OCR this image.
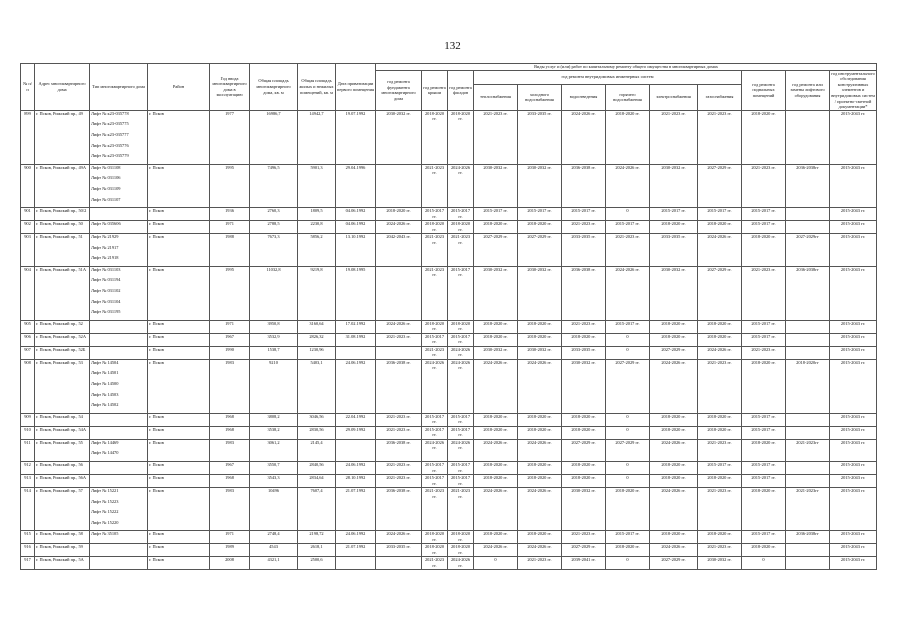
132
№ п/п	Адрес многоквартирного дома	Тип многоквартирного дома	Район	Год ввода многоквартирного дома в эксплуатацию	Общая площадь многоквартирного дома, кв. м	Общая площадь жилых и нежилых помещений, кв. м	Дата приватизации первого помещения	Виды услуг и (или) работ по капитальному ремонту общего имущества в многоквартирных домах											
								год ремонта фундамента многоквартирного дома	год ремонта крыши	год ремонта фасадов	год ремонта внутридомовых инженерных систем						год ремонта подвальных помещений	год ремонта или замены лифтового оборудования	год инструментального обследования конструктивных элементов и внутридомовых систем / проектно-сметной документации*
											теплоснабжения	холодного водоснабжения	водоотведения	горячего водоснабжения	электроснабжения	газоснабжения			
899	г. Псков, Рижский пр., 49	Лифт № к23-035778
Лифт № к23-035775
Лифт № к23-035777
Лифт № к23-035776
Лифт № к23-035779	г. Псков	1977	16986,7	14942,7	19.07.1992	2030-2032 гг.	2018-2020 гг.	2018-2020 гг.	2021-2023 гг.	2033-2035 гг.	2024-2026 гг.	2018-2020 гг.	2021-2023 гг.	2021-2023 гг.	2018-2020 гг.		2015-2043 гг.
900	г. Псков, Рижский пр., 49А	Лифт № 031108
Лифт № 031106
Лифт № 031109
Лифт № 031107	г. Псков	1995	7496,5	5901,3	29.04.1996		2021-2023 гг.	2024-2026 гг.	2030-2032 гг.	2030-2032 гг.	2036-2038 гг.	2024-2026 гг.	2030-2032 гг.	2027-2029 гг.	2021-2023 гг.	2036-2038гг	2015-2043 гг.
901	г. Псков, Рижский пр., 50/2		г. Псков	1936	2760,3	1809,5	04.06.1992	2018-2020 гг.	2015-2017 гг.	2015-2017 гг.	2015-2017 гг.	2015-2017 гг.	2015-2017 гг.	0	2015-2017 гг.	2015-2017 гг.	2015-2017 гг.		2015-2043 гг.
902	г. Псков, Рижский пр., 50	Лифт № 035606	г. Псков	1971	2788,5	2230,8	04.06.1992	2024-2026 гг.	2018-2020 гг.	2018-2020 гг.	2018-2020 гг.	2018-2020 гг.	2021-2023 гг.	2015-2017 гг.	2018-2020 гг.	2018-2020 гг.	2015-2017 гг.		2015-2043 гг.
903	г. Псков, Рижский пр., 51	Лифт № 21929
Лифт № 21917
Лифт № 21918	г. Псков	1988	7673,3	5856,2	13.10.1992	2042-2043 гг.	2021-2023 гг.	2021-2023 гг.	2027-2029 гг.	2027-2029 гг.	2033-2035 гг.	2021-2023 гг.	2033-2035 гг.	2024-2026 гг.	2018-2020 гг.	2027-2029гг	2015-2043 гг.
904	г. Псков, Рижский пр., 51А	Лифт № 031103
Лифт № 031194
Лифт № 031102
Лифт № 031104
Лифт № 031195	г. Псков	1995	11032,8	9219,8	19.08.1995		2021-2023 гг.	2015-2017 гг.	2030-2032 гг.	2030-2032 гг.	2036-2038 гг.	2024-2026 гг.	2030-2032 гг.	2027-2029 гг.	2021-2023 гг.	2036-2038гг	2015-2043 гг.
905	г. Псков, Рижский пр., 52		г. Псков	1971	3950,8	3160,64	17.02.1992	2024-2026 гг.	2018-2020 гг.	2018-2020 гг.	2018-2020 гг.	2018-2020 гг.	2021-2023 гг.	2015-2017 гг.	2018-2020 гг.	2018-2020 гг.	2015-2017 гг.		2015-2043 гг.
906	г. Псков, Рижский пр., 52А		г. Псков	1967	3532,9	2826,32	31.08.1992	2021-2023 гг.	2015-2017 гг.	2015-2017 гг.	2018-2020 гг.	2018-2020 гг.	2018-2020 гг.	0	2018-2020 гг.	2018-2020 гг.	2015-2017 гг.		2015-2043 гг.
907	г. Псков, Рижский пр., 52Б		г. Псков	1990	1538,7	1230,96			2021-2023 гг.	2024-2026 гг.	2030-2032 гг.	2030-2032 гг.	2033-2035 гг.	0	2027-2029 гг.	2024-2026 гг.	2021-2023 гг.		2015-2043 гг.
908	г. Псков, Рижский пр., 53	Лифт № 14504
Лифт № 14501
Лифт № 14500
Лифт № 14503
Лифт № 14502	г. Псков	1983	9210	5403,1	24.06.1992	2036-2038 гг.	2024-2026 гг.	2024-2026 гг.	2024-2026 гг.	2024-2026 гг.	2030-2032 гг.	2027-2029 гг.	2024-2026 гг.	2021-2023 гг.	2018-2020 гг.	2018-2020гг	2015-2043 гг.
909	г. Псков, Рижский пр., 54		г. Псков	1968	3808,2	3046,56	22.04.1992	2021-2023 гг.	2015-2017 гг.	2015-2017 гг.	2018-2020 гг.	2018-2020 гг.	2018-2020 гг.	0	2018-2020 гг.	2018-2020 гг.	2015-2017 гг.		2015-2043 гг.
910	г. Псков, Рижский пр., 54А		г. Псков	1968	3538,2	2830,56	29.09.1992	2021-2023 гг.	2015-2017 гг.	2015-2017 гг.	2018-2020 гг.	2018-2020 гг.	2018-2020 гг.	0	2018-2020 гг.	2018-2020 гг.	2015-2017 гг.		2015-2043 гг.
911	г. Псков, Рижский пр., 55	Лифт № 14469
Лифт № 14470	г. Псков	1983	3061,2	2145,4		2036-2038 гг.	2024-2026 гг.	2024-2026 гг.	2024-2026 гг.	2024-2026 гг.	2027-2029 гг.	2027-2029 гг.	2024-2026 гг.	2021-2023 гг.	2018-2020 гг.	2021-2023гг	2015-2043 гг.
912	г. Псков, Рижский пр., 56		г. Псков	1967	3550,7	2840,56	24.06.1992	2021-2023 гг.	2015-2017 гг.	2015-2017 гг.	2018-2020 гг.	2018-2020 гг.	2018-2020 гг.	0	2018-2020 гг.	2015-2017 гг.	2015-2017 гг.		2015-2043 гг.
913	г. Псков, Рижский пр., 56А		г. Псков	1968	3543,3	2834,64	28.10.1992	2021-2023 гг.	2015-2017 гг.	2015-2017 гг.	2018-2020 гг.	2018-2020 гг.	2018-2020 гг.	0	2018-2020 гг.	2018-2020 гг.	2015-2017 гг.		2015-2043 гг.
914	г. Псков, Рижский пр., 57	Лифт № 15221
Лифт № 15223
Лифт № 15222
Лифт № 15220	г. Псков	1983	10496	7607,4	21.07.1992	2036-2038 гг.	2021-2023 гг.	2021-2023 гг.	2024-2026 гг.	2024-2026 гг.	2030-2032 гг.	2018-2020 гг.	2024-2026 гг.	2021-2023 гг.	2018-2020 гг.	2021-2023гг	2015-2043 гг.
915	г. Псков, Рижский пр., 58	Лифт № 35105	г. Псков	1971	2748,4	2198,72	24.06.1992	2024-2026 гг.	2018-2020 гг.	2018-2020 гг.	2018-2020 гг.	2018-2020 гг.	2021-2023 гг.	2015-2017 гг.	2018-2020 гг.	2018-2020 гг.	2015-2017 гг.	2036-2038гг	2015-2043 гг.
916	г. Псков, Рижский пр., 59		г. Псков	1989	4543	2618,1	21.07.1992	2033-2035 гг.	2018-2020 гг.	2018-2020 гг.	2024-2026 гг.	2024-2026 гг.	2027-2029 гг.	2018-2020 гг.	2024-2026 гг.	2021-2023 гг.	2018-2020 гг.		2015-2043 гг.
917	г. Псков, Рижский пр., 5А		г. Псков	2008	4321,1	2500,6			2021-2023 гг.	2024-2026 гг.	0	2021-2023 гг.	2039-2041 гг.	0	2027-2029 гг.	2030-2032 гг.	0		2015-2043 гг.
